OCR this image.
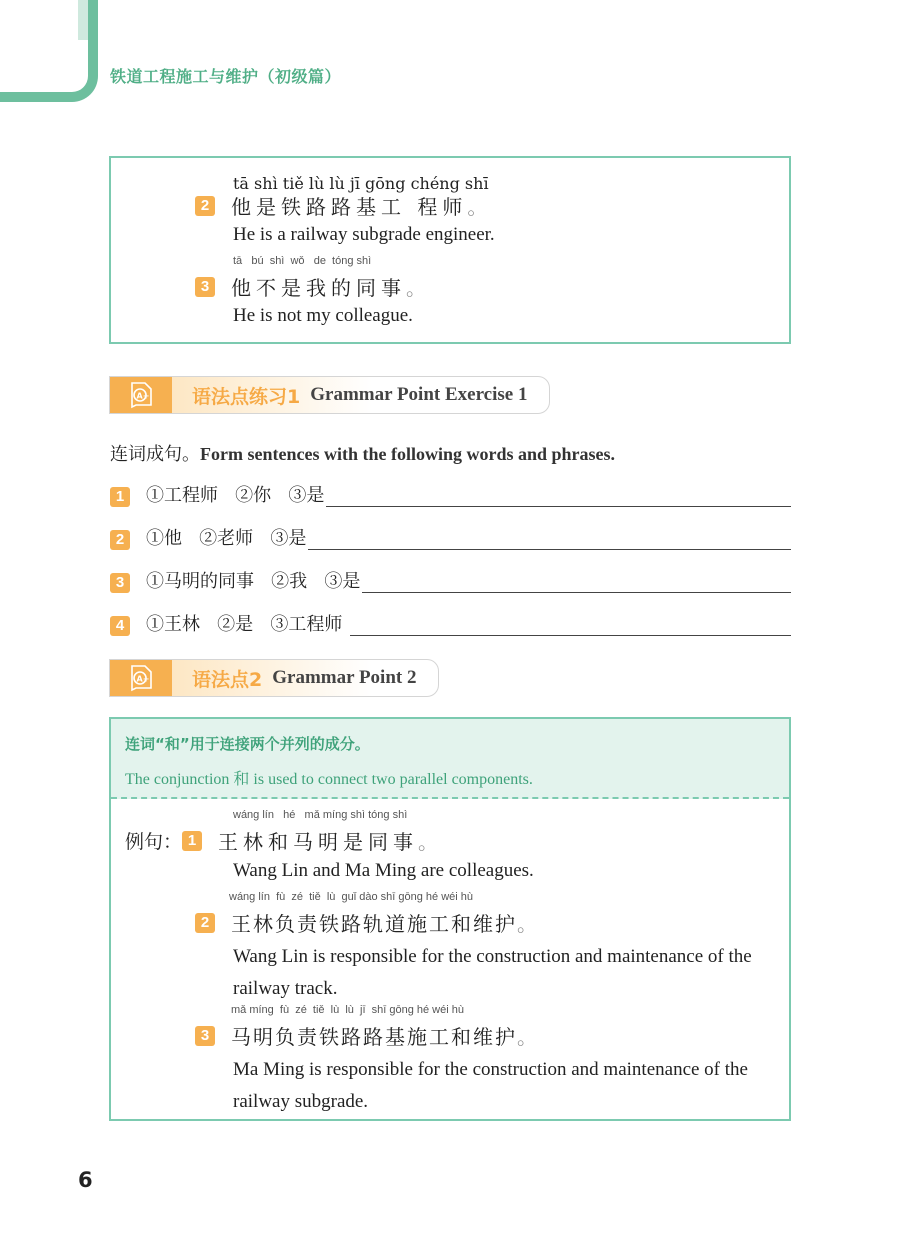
铁道工程施工与维护（初级篇）
tā shì tiě lù lù jī gōng chéng shī
2 他是铁路路基工 程师 。
He is a railway subgrade engineer.
tā   bú  shì  wǒ   de  tóng shì
3 他不是我的同事 。
He is not my colleague.
A+ 语法点练习1 Grammar Point Exercise 1
连词成句。Form sentences with the following words and phrases.
1	①工程师   ②你   ③是
2	①他   ②老师   ③是
3	①马明的同事   ②我   ③是
4	①王林   ②是   ③工程师
A+ 语法点2 Grammar Point 2
连词“和”用于连接两个并列的成分。
The conjunction 和 is used to connect two parallel components.
wáng lín   hé   mǎ míng shì tóng shì
例句： 1 王林和马明是同事 。
Wang Lin and Ma Ming are colleagues.
wáng lín  fù  zé  tiě  lù  guǐ dào shī gōng hé wéi hù
2 王林负责铁路轨道施工和维护 。
Wang Lin is responsible for the construction and maintenance of the railway track.
mǎ míng  fù  zé  tiě  lù  lù  jī  shī gōng hé wéi hù
3 马明负责铁路路基施工和维护 。
Ma Ming is responsible for the construction and maintenance of the railway subgrade.
6
